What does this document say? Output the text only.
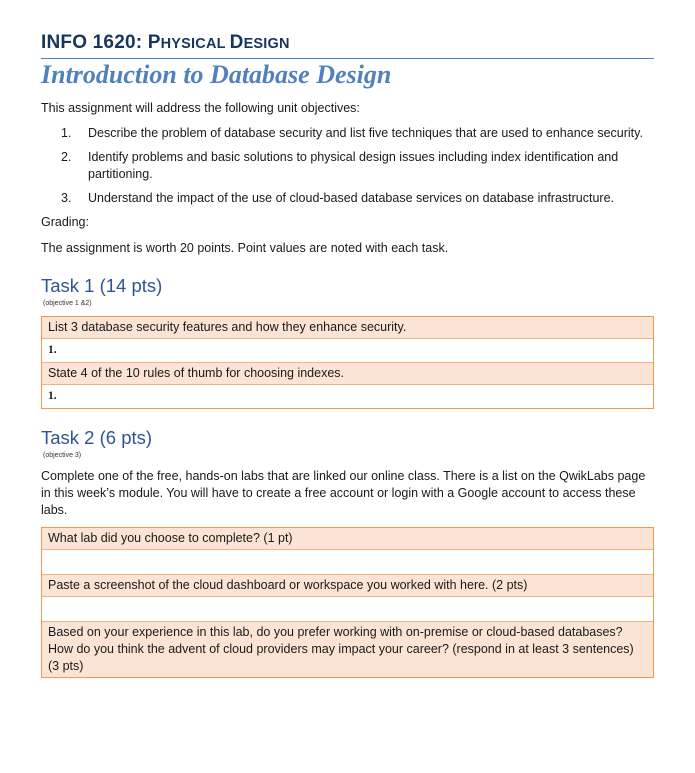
INFO 1620: PHYSICAL DESIGN
Introduction to Database Design

This assignment will address the following unit objectives:

1. Describe the problem of database security and list five techniques that are used to enhance security.
2. Identify problems and basic solutions to physical design issues including index identification and partitioning.
3. Understand the impact of the use of cloud-based database services on database infrastructure.

Grading:

The assignment is worth 20 points. Point values are noted with each task.

Task 1 (14 pts)
(objective 1 &2)
List 3 database security features and how they enhance security.
1.
State 4 of the 10 rules of thumb for choosing indexes.
1.
Task 2 (6 pts)
(objective 3)

Complete one of the free, hands-on labs that are linked our online class. There is a list on the QwikLabs page in this week’s module. You will have to create a free account or login with a Google account to access these labs.

What lab did you choose to complete? (1 pt)
Paste a screenshot of the cloud dashboard or workspace you worked with here. (2 pts)
Based on your experience in this lab, do you prefer working with on-premise or cloud-based databases? How do you think the advent of cloud providers may impact your career? (respond in at least 3 sentences) (3 pts)
